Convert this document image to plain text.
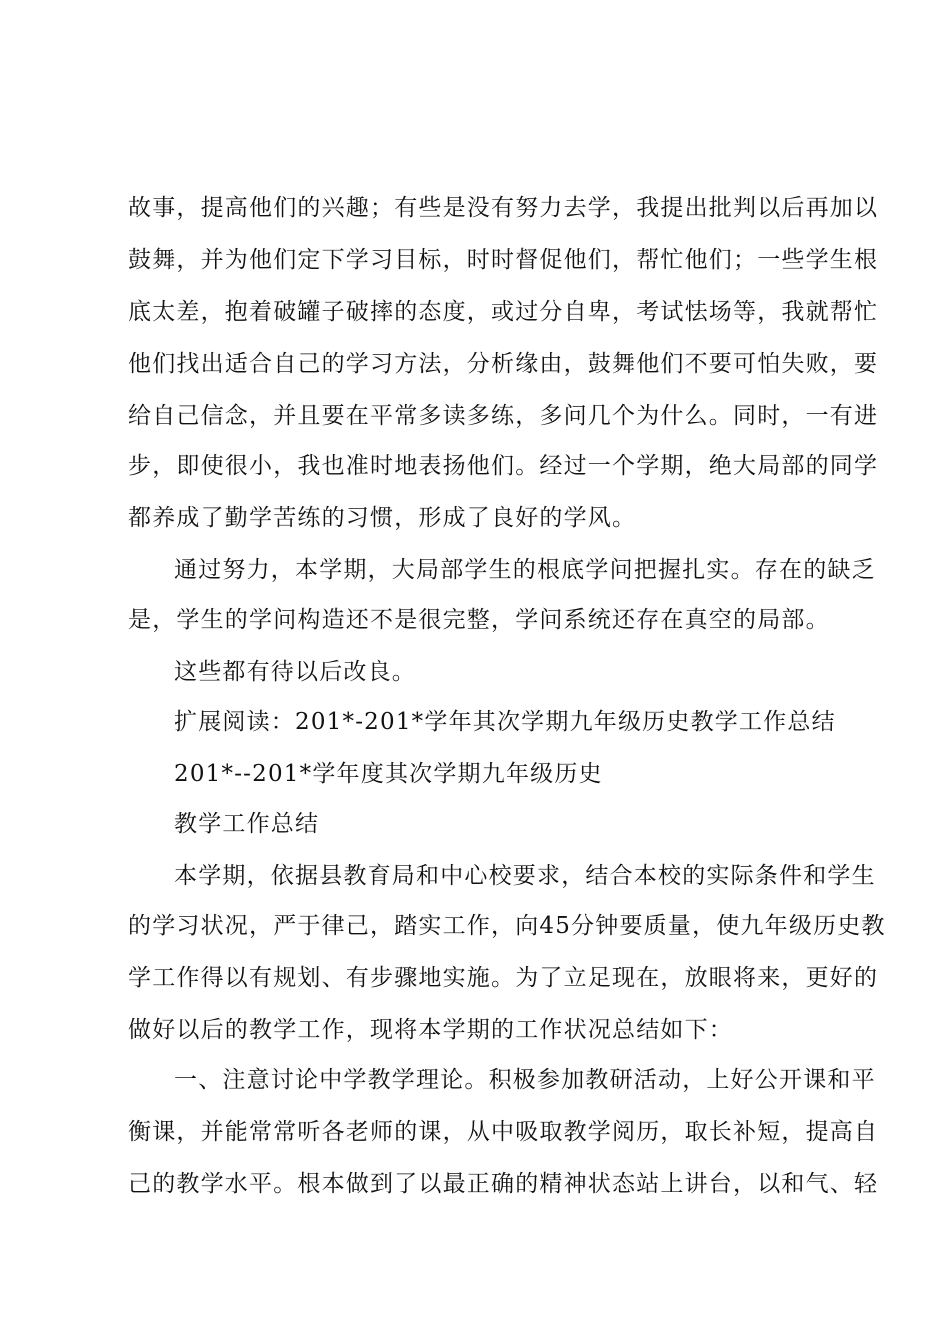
故事，提高他们的兴趣；有些是没有努力去学，我提出批判以后再加以
鼓舞，并为他们定下学习目标，时时督促他们，帮忙他们；一些学生根
底太差，抱着破罐子破摔的态度，或过分自卑，考试怯场等，我就帮忙
他们找出适合自己的学习方法，分析缘由，鼓舞他们不要可怕失败，要
给自己信念，并且要在平常多读多练，多问几个为什么。同时，一有进
步，即使很小，我也准时地表扬他们。经过一个学期，绝大局部的同学
都养成了勤学苦练的习惯，形成了良好的学风。
通过努力，本学期，大局部学生的根底学问把握扎实。存在的缺乏
是，学生的学问构造还不是很完整，学问系统还存在真空的局部。
这些都有待以后改良。
扩展阅读：201*-201*学年其次学期九年级历史教学工作总结
201*--201*学年度其次学期九年级历史
教学工作总结
本学期，依据县教育局和中心校要求，结合本校的实际条件和学生
的学习状况，严于律己，踏实工作，向45分钟要质量，使九年级历史教
学工作得以有规划、有步骤地实施。为了立足现在，放眼将来，更好的
做好以后的教学工作，现将本学期的工作状况总结如下：
一、注意讨论中学教学理论。积极参加教研活动，上好公开课和平
衡课，并能常常听各老师的课，从中吸取教学阅历，取长补短，提高自
己的教学水平。根本做到了以最正确的精神状态站上讲台，以和气、轻
